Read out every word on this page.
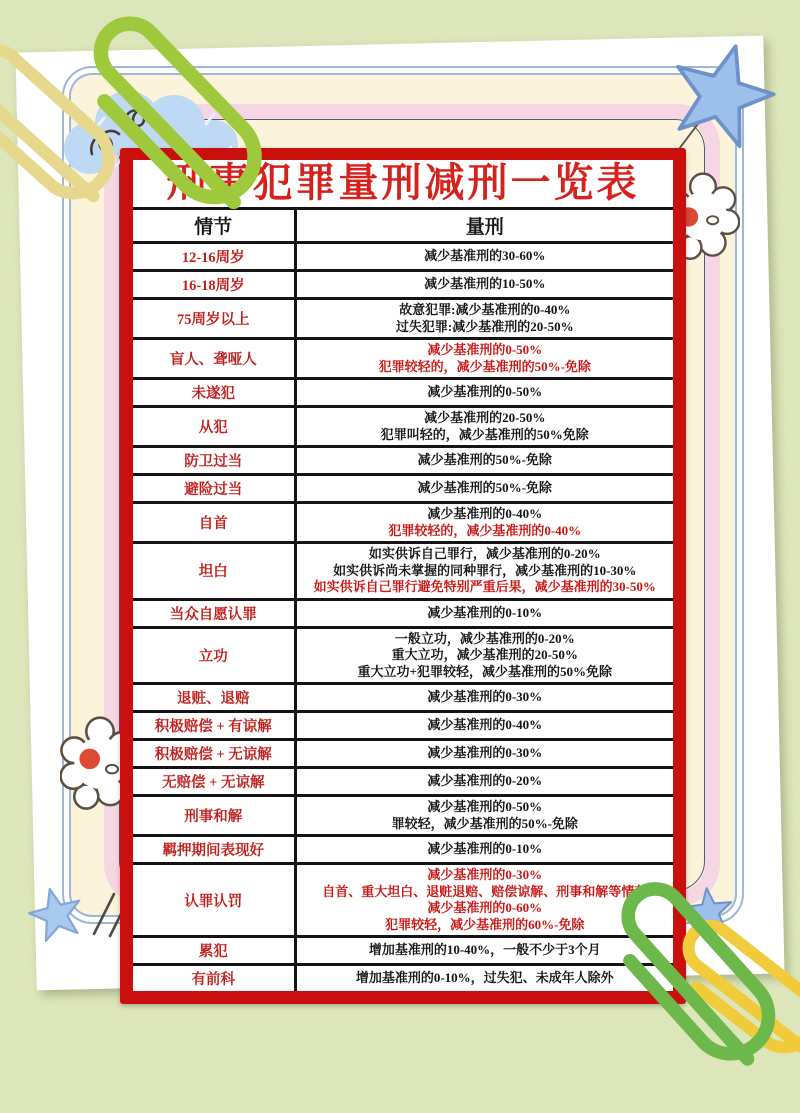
刑事犯罪量刑减刑一览表
情节	量刑
12-16周岁	减少基准刑的30-60%

16-18周岁	减少基准刑的10-50%

75周岁以上	故意犯罪:减少基准刑的0-40%
过失犯罪:减少基准刑的20-50%

盲人、聋哑人	减少基准刑的0-50%
犯罪较轻的，减少基准刑的50%-免除

未遂犯	减少基准刑的0-50%

从犯	减少基准刑的20-50%
犯罪叫轻的，减少基准刑的50%免除

防卫过当	减少基准刑的50%-免除

避险过当	减少基准刑的50%-免除

自首	减少基准刑的0-40%
犯罪较轻的，减少基准刑的0-40%

坦白	如实供诉自己罪行，减少基准刑的0-20%
如实供诉尚未掌握的同种罪行，减少基准刑的10-30%
如实供诉自己罪行避免特别严重后果，减少基准刑的30-50%

当众自愿认罪	减少基准刑的0-10%

立功	一般立功，减少基准刑的0-20%
重大立功，减少基准刑的20-50%
重大立功+犯罪较轻，减少基准刑的50%免除

退赃、退赔	减少基准刑的0-30%

积极赔偿 + 有谅解	减少基准刑的0-40%

积极赔偿 + 无谅解	减少基准刑的0-30%

无赔偿 + 无谅解	减少基准刑的0-20%

刑事和解	减少基准刑的0-50%
罪较轻，减少基准刑的50%-免除

羁押期间表现好	减少基准刑的0-10%

认罪认罚	减少基准刑的0-30%
自首、重大坦白、退赃退赔、赔偿谅解、刑事和解等情节
减少基准刑的0-60%
犯罪较轻，减少基准刑的60%-免除

累犯	增加基准刑的10-40%，一般不少于3个月

有前科	增加基准刑的0-10%，过失犯、未成年人除外
